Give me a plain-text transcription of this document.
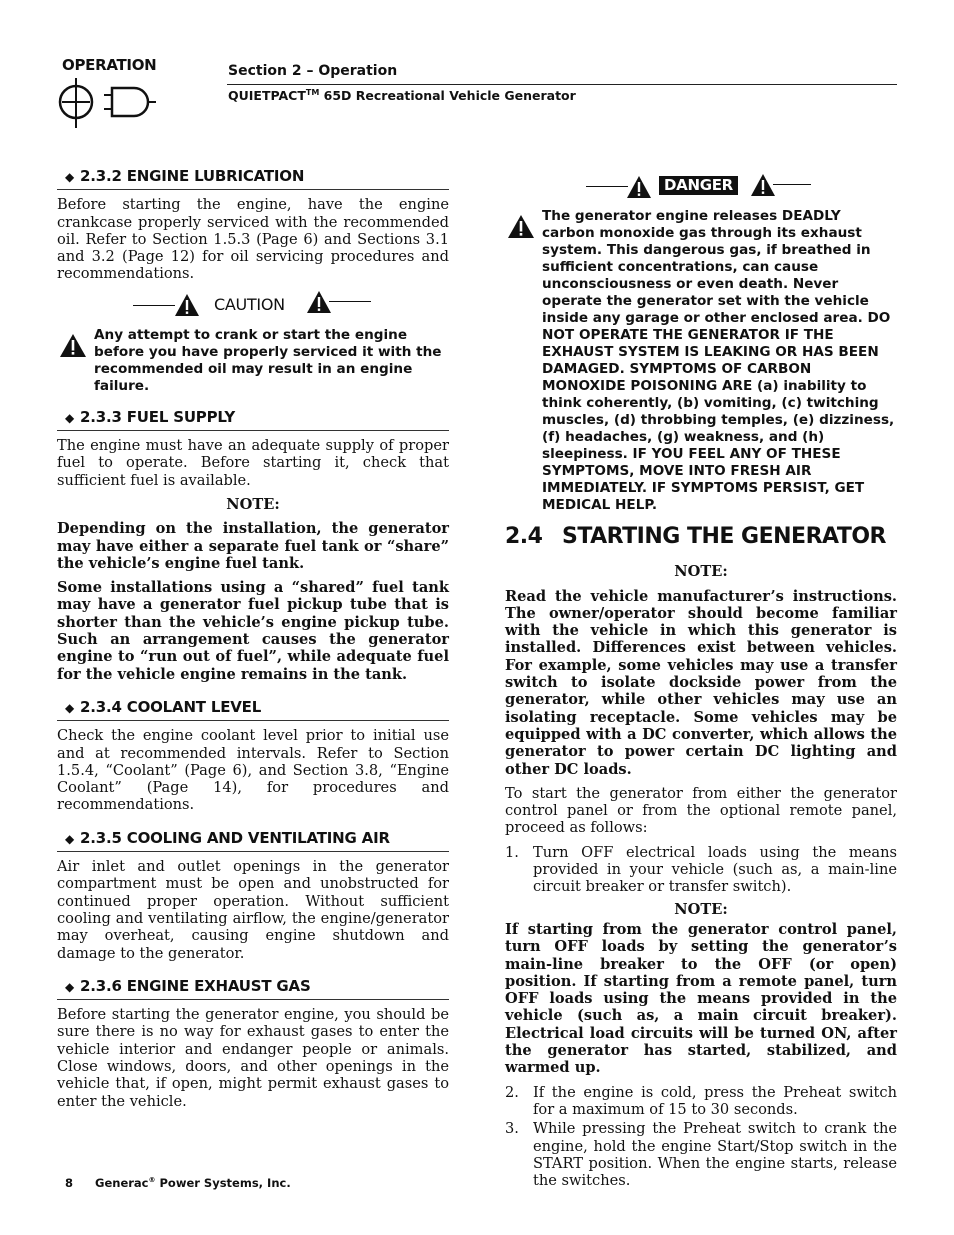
OPERATION	Section 2 – Operation
QUIETPACT™ 65D Recreational Vehicle Generator
◆ 2.3.2 ENGINE LUBRICATION

Before starting the engine, have the engine crankcase properly serviced with the recommended oil. Refer to Section 1.5.3 (Page 6) and Sections 3.1 and 3.2 (Page 12) for oil servicing procedures and recommendations.

CAUTION
Any attempt to crank or start the engine before you have properly serviced it with the recommended oil may result in an engine failure.
◆ 2.3.3 FUEL SUPPLY

The engine must have an adequate supply of proper fuel to operate. Before starting it, check that sufficient fuel is available.

NOTE:

Depending on the installation, the generator may have either a separate fuel tank or “share” the vehicle’s engine fuel tank.

Some installations using a “shared” fuel tank may have a generator fuel pickup tube that is shorter than the vehicle’s engine pickup tube. Such an arrangement causes the generator engine to “run out of fuel”, while adequate fuel for the vehicle engine remains in the tank.

◆ 2.3.4 COOLANT LEVEL

Check the engine coolant level prior to initial use and at recommended intervals. Refer to Section 1.5.4, “Coolant” (Page 6), and Section 3.8, “Engine Coolant” (Page 14), for procedures and recommendations.

◆ 2.3.5 COOLING AND VENTILATING AIR

Air inlet and outlet openings in the generator compartment must be open and unobstructed for continued proper operation. Without sufficient cooling and ventilating airflow, the engine/generator may overheat, causing engine shutdown and damage to the generator.

◆ 2.3.6 ENGINE EXHAUST GAS

Before starting the generator engine, you should be sure there is no way for exhaust gases to enter the vehicle interior and endanger people or animals. Close windows, doors, and other openings in the vehicle that, if open, might permit exhaust gases to enter the vehicle.

DANGER
The generator engine releases DEADLY carbon monoxide gas through its exhaust system. This dangerous gas, if breathed in sufficient concentrations, can cause unconsciousness or even death. Never operate the generator set with the vehicle inside any garage or other enclosed area. DO NOT OPERATE THE GENERATOR IF THE EXHAUST SYSTEM IS LEAKING OR HAS BEEN DAMAGED. SYMPTOMS OF CARBON MONOXIDE POISONING ARE (a) inability to think coherently, (b) vomiting, (c) twitching muscles, (d) throbbing temples, (e) dizziness, (f) headaches, (g) weakness, and (h) sleepiness. IF YOU FEEL ANY OF THESE SYMPTOMS, MOVE INTO FRESH AIR IMMEDIATELY. IF SYMPTOMS PERSIST, GET MEDICAL HELP.
2.4 STARTING THE GENERATOR

NOTE:

Read the vehicle manufacturer’s instructions. The owner/operator should become familiar with the vehicle in which this generator is installed. Differences exist between vehicles. For example, some vehicles may use a transfer switch to isolate dockside power from the generator, while other vehicles may use an isolating receptacle. Some vehicles may be equipped with a DC converter, which allows the generator to power certain DC lighting and other DC loads.

To start the generator from either the generator control panel or from the optional remote panel, proceed as follows:

1. Turn OFF electrical loads using the means provided in your vehicle (such as, a main-line circuit breaker or transfer switch).

NOTE:

If starting from the generator control panel, turn OFF loads by setting the generator’s main-line breaker to the OFF (or open) position. If starting from a remote panel, turn OFF loads using the means provided in the vehicle (such as, a main circuit breaker). Electrical load circuits will be turned ON, after the generator has started, stabilized, and warmed up.

2. If the engine is cold, press the Preheat switch for a maximum of 15 to 30 seconds.
3. While pressing the Preheat switch to crank the engine, hold the engine Start/Stop switch in the START position. When the engine starts, release the switches.
8 Generac® Power Systems, Inc.
